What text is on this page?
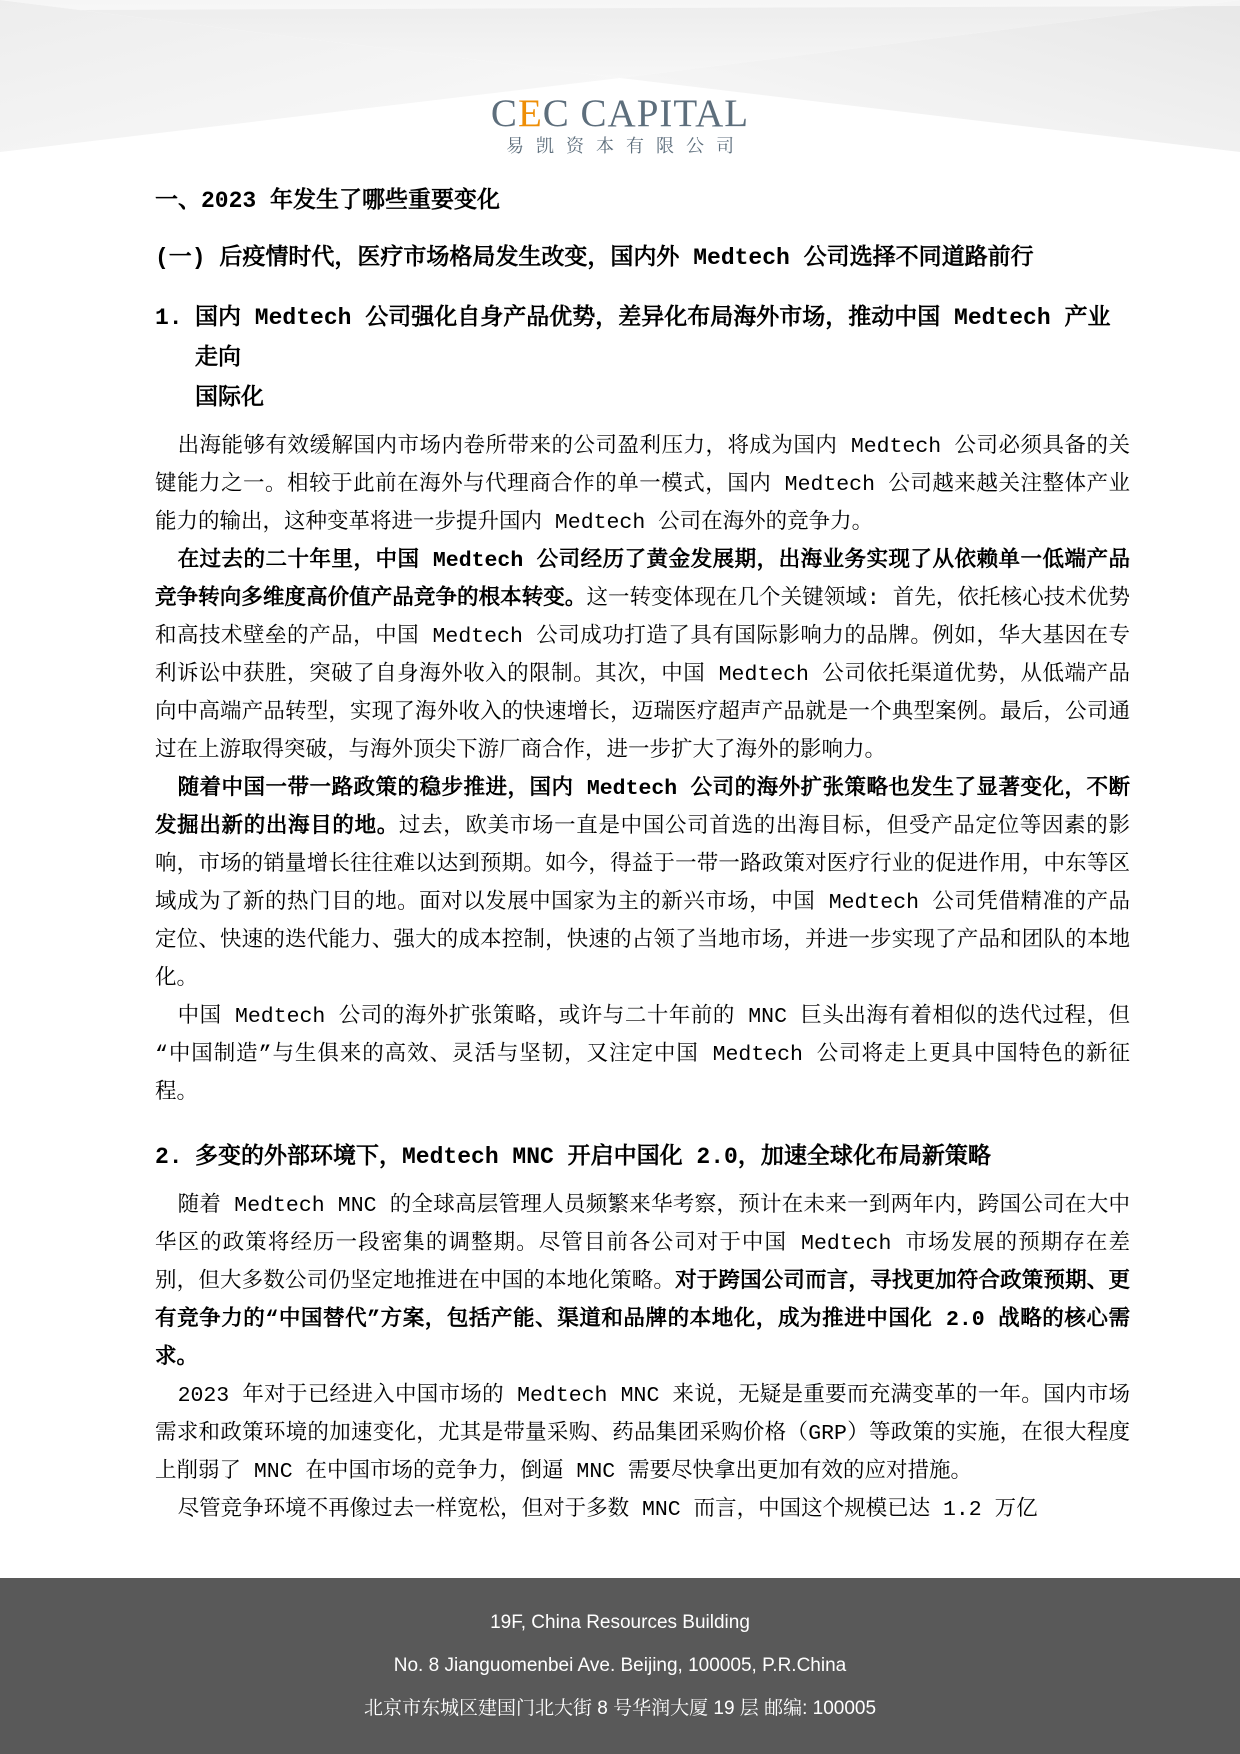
CEC CAPITAL
易凯资本有限公司
一、2023 年发生了哪些重要变化
(一) 后疫情时代，医疗市场格局发生改变，国内外 Medtech 公司选择不同道路前行
1. 国内 Medtech 公司强化自身产品优势，差异化布局海外市场，推动中国 Medtech 产业走向
国际化

出海能够有效缓解国内市场内卷所带来的公司盈利压力，将成为国内 Medtech 公司必须具备的关键能力之一。相较于此前在海外与代理商合作的单一模式，国内 Medtech 公司越来越关注整体产业能力的输出，这种变革将进一步提升国内 Medtech 公司在海外的竞争力。

在过去的二十年里，中国 Medtech 公司经历了黄金发展期，出海业务实现了从依赖单一低端产品竞争转向多维度高价值产品竞争的根本转变。这一转变体现在几个关键领域: 首先，依托核心技术优势和高技术壁垒的产品，中国 Medtech 公司成功打造了具有国际影响力的品牌。例如，华大基因在专利诉讼中获胜，突破了自身海外收入的限制。其次，中国 Medtech 公司依托渠道优势，从低端产品向中高端产品转型，实现了海外收入的快速增长，迈瑞医疗超声产品就是一个典型案例。最后，公司通过在上游取得突破，与海外顶尖下游厂商合作，进一步扩大了海外的影响力。

随着中国一带一路政策的稳步推进，国内 Medtech 公司的海外扩张策略也发生了显著变化，不断发掘出新的出海目的地。过去，欧美市场一直是中国公司首选的出海目标，但受产品定位等因素的影响，市场的销量增长往往难以达到预期。如今，得益于一带一路政策对医疗行业的促进作用，中东等区域成为了新的热门目的地。面对以发展中国家为主的新兴市场，中国 Medtech 公司凭借精准的产品定位、快速的迭代能力、强大的成本控制，快速的占领了当地市场，并进一步实现了产品和团队的本地化。

中国 Medtech 公司的海外扩张策略，或许与二十年前的 MNC 巨头出海有着相似的迭代过程，但“中国制造”与生俱来的高效、灵活与坚韧，又注定中国 Medtech 公司将走上更具中国特色的新征程。

2. 多变的外部环境下，Medtech MNC 开启中国化 2.0，加速全球化布局新策略

随着 Medtech MNC 的全球高层管理人员频繁来华考察，预计在未来一到两年内，跨国公司在大中华区的政策将经历一段密集的调整期。尽管目前各公司对于中国 Medtech 市场发展的预期存在差别，但大多数公司仍坚定地推进在中国的本地化策略。对于跨国公司而言，寻找更加符合政策预期、更有竞争力的“中国替代”方案，包括产能、渠道和品牌的本地化，成为推进中国化 2.0 战略的核心需求。

2023 年对于已经进入中国市场的 Medtech MNC 来说，无疑是重要而充满变革的一年。国内市场需求和政策环境的加速变化，尤其是带量采购、药品集团采购价格（GRP）等政策的实施，在很大程度上削弱了 MNC 在中国市场的竞争力，倒逼 MNC 需要尽快拿出更加有效的应对措施。

尽管竞争环境不再像过去一样宽松，但对于多数 MNC 而言，中国这个规模已达 1.2 万亿

19F, China Resources Building
No. 8 Jianguomenbei Ave. Beijing, 100005, P.R.China
北京市东城区建国门北大街 8 号华润大厦 19 层 邮编: 100005
